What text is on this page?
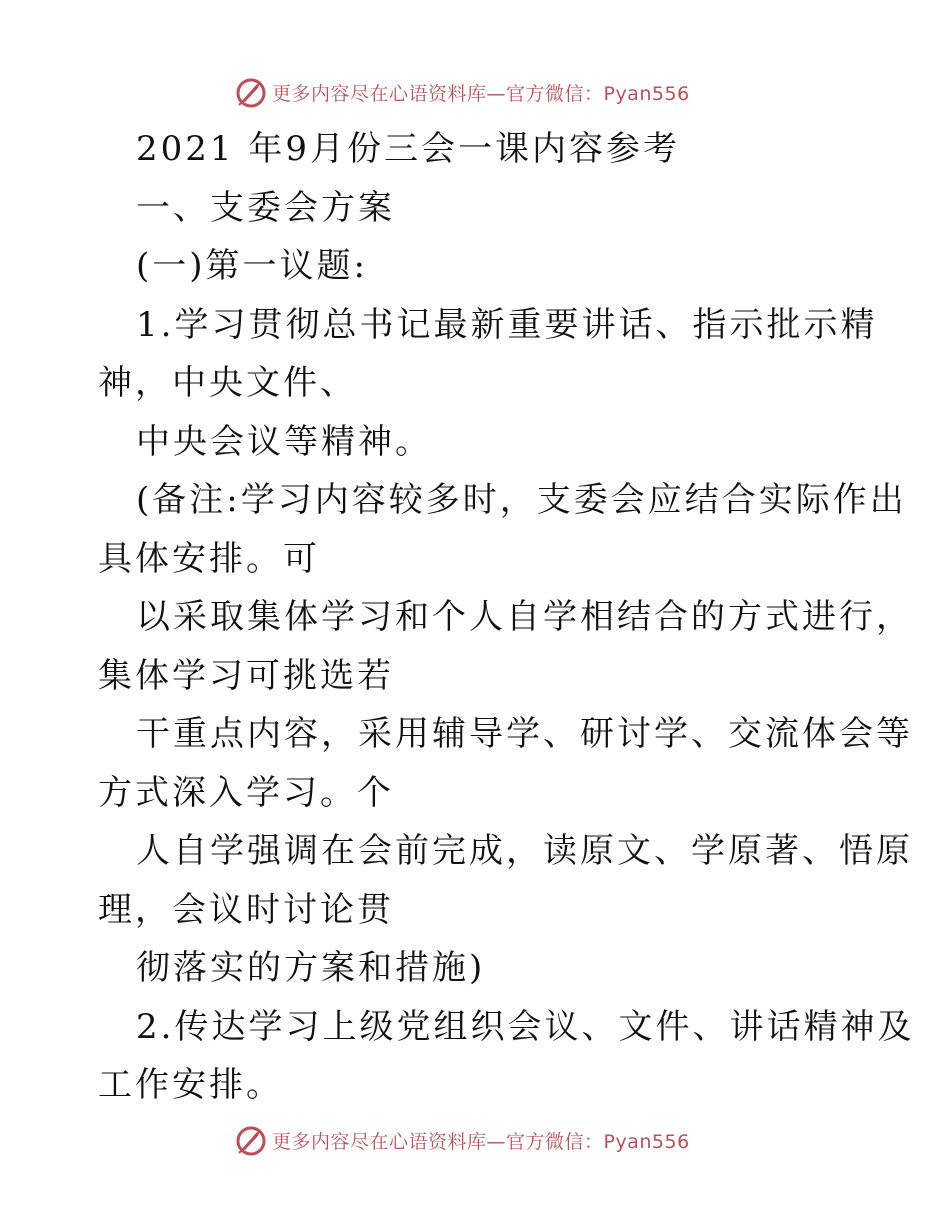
更多内容尽在心语资料库—官方微信：Pyan556
2021 年9月份三会一课内容参考
一、支委会方案
(一)第一议题:
1.学习贯彻总书记最新重要讲话、指示批示精
神，中央文件、
中央会议等精神。
(备注:学习内容较多时，支委会应结合实际作出
具体安排。可
以采取集体学习和个人自学相结合的方式进行，
集体学习可挑选若
干重点内容，采用辅导学、研讨学、交流体会等
方式深入学习。个
人自学强调在会前完成，读原文、学原著、悟原
理，会议时讨论贯
彻落实的方案和措施)
2.传达学习上级党组织会议、文件、讲话精神及
工作安排。
更多内容尽在心语资料库—官方微信：Pyan556
